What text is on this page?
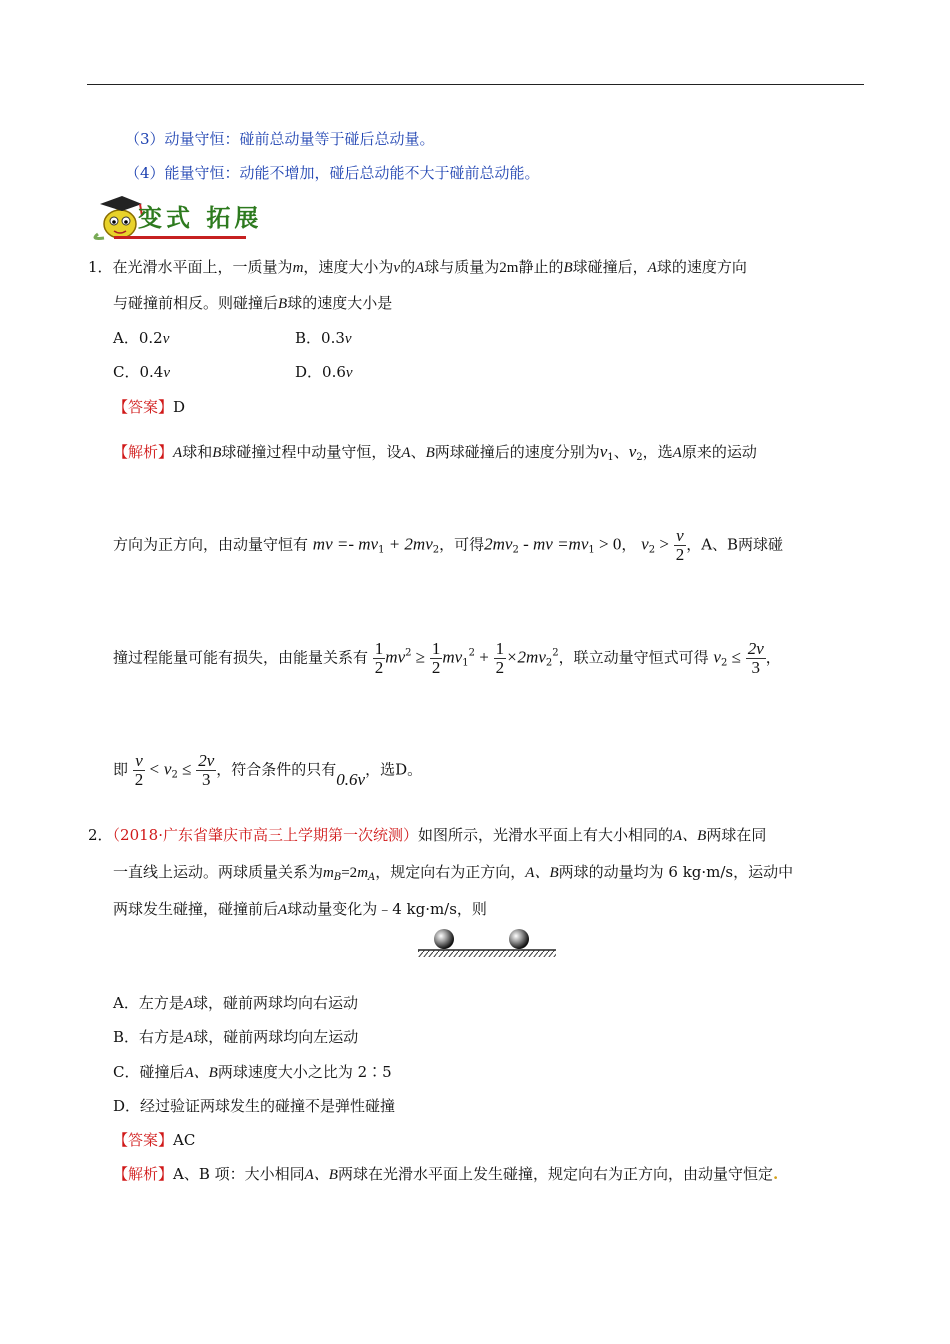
（3）动量守恒：碰前总动量等于碰后总动量。
（4）能量守恒：动能不增加，碰后总动能不大于碰前总动能。
变式 拓展
1．在光滑水平面上，一质量为m，速度大小为v的A球与质量为2m静止的B球碰撞后，A球的速度方向
与碰撞前相反。则碰撞后B球的速度大小是
A．0.2v	B．0.3v
C．0.4v	D．0.6v
【答案】D
【解析】A球和B球碰撞过程中动量守恒，设A、B两球碰撞后的速度分别为$v_1$、$v_2$，选A原来的运动
方向为正方向，由动量守恒有 mv =- $mv_1 + 2mv_2$，可得$2mv_2$ - mv $=mv_1 > 0$， $v_2 > \frac{v}{2}$ ，A、B两球碰
撞过程能量可能有损失，由能量关系有 $\frac{1}{2} mv^2 \ge \frac{1}{2} mv_1^2 + \frac{1}{2} \times 2mv_2^2$，联立动量守恒式可得 $v_2 \le \frac{2v}{3}$ ，
即 $\frac{v}{2} < v_2 \le \frac{2v}{3}$ ，符合条件的只有0.6v，选D。
2．（2018·广东省肇庆市高三上学期第一次统测）如图所示，光滑水平面上有大小相同的A、B两球在同
一直线上运动。两球质量关系为$m_B=2m_A$，规定向右为正方向，A、B两球的动量均为 6 kg·m/s，运动中
两球发生碰撞，碰撞前后A球动量变化为﹣4 kg·m/s，则
A．左方是A球，碰前两球均向右运动
B．右方是A球，碰前两球均向左运动
C．碰撞后A、B两球速度大小之比为 2∶5
D．经过验证两球发生的碰撞不是弹性碰撞
【答案】AC
【解析】A、B 项：大小相同A、B两球在光滑水平面上发生碰撞，规定向右为正方向，由动量守恒定.
